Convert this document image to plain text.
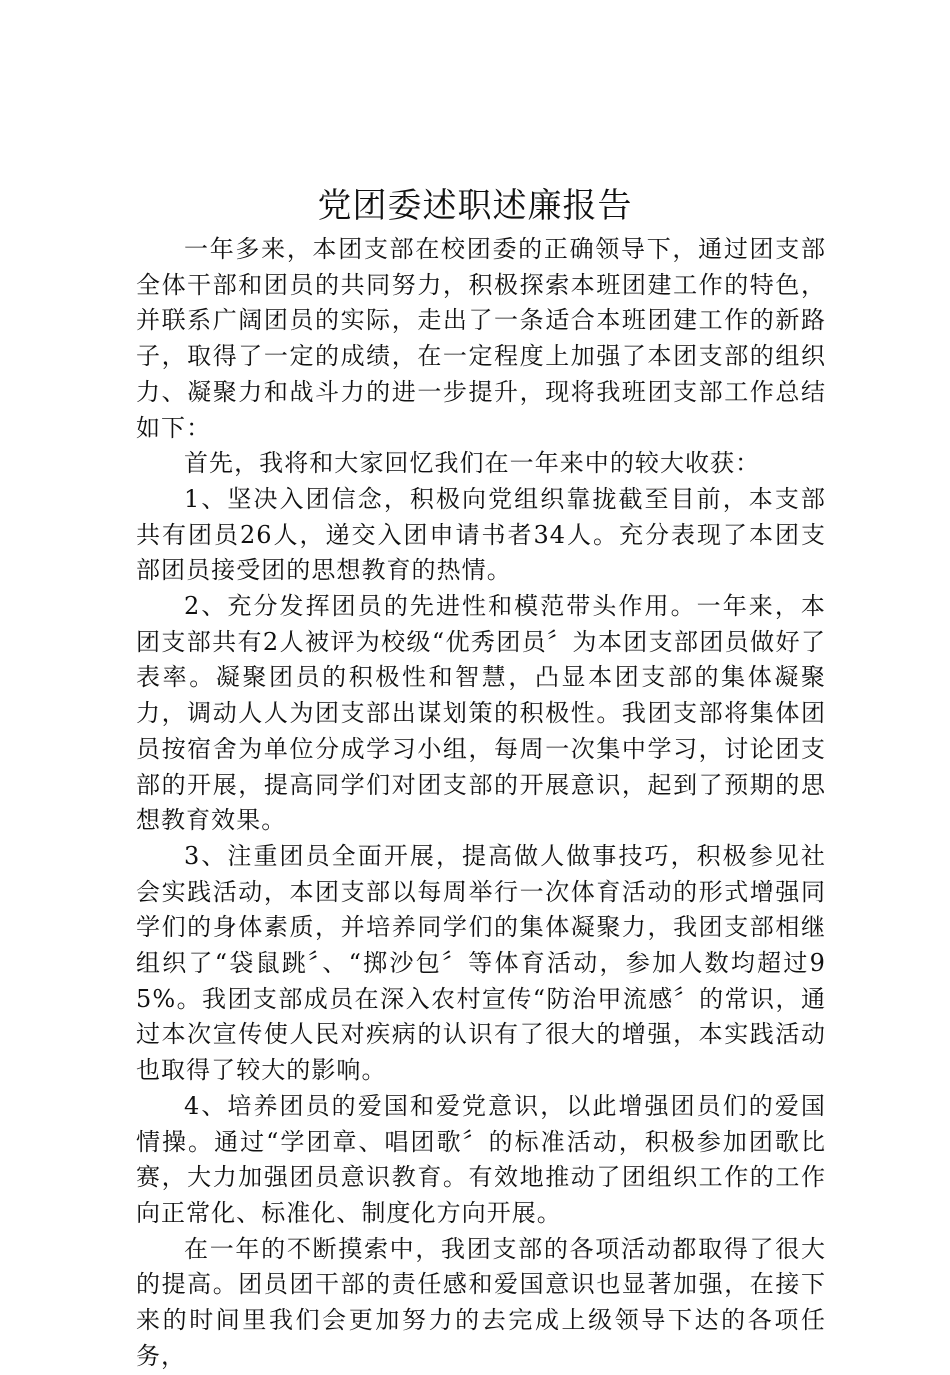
党团委述职述廉报告

一年多来，本团支部在校团委的正确领导下，通过团支部全体干部和团员的共同努力，积极探索本班团建工作的特色，并联系广阔团员的实际，走出了一条适合本班团建工作的新路子，取得了一定的成绩，在一定程度上加强了本团支部的组织力、凝聚力和战斗力的进一步提升，现将我班团支部工作总结如下：

首先，我将和大家回忆我们在一年来中的较大收获：

1、坚决入团信念，积极向党组织靠拢截至目前，本支部共有团员26人，递交入团申请书者34人。充分表现了本团支部团员接受团的思想教育的热情。

2、充分发挥团员的先进性和模范带头作用。一年来，本团支部共有2人被评为校级“优秀团员〞为本团支部团员做好了表率。凝聚团员的积极性和智慧，凸显本团支部的集体凝聚力，调动人人为团支部出谋划策的积极性。我团支部将集体团员按宿舍为单位分成学习小组，每周一次集中学习，讨论团支部的开展，提高同学们对团支部的开展意识，起到了预期的思想教育效果。

3、注重团员全面开展，提高做人做事技巧，积极参见社会实践活动，本团支部以每周举行一次体育活动的形式增强同学们的身体素质，并培养同学们的集体凝聚力，我团支部相继组织了“袋鼠跳〞、“掷沙包〞等体育活动，参加人数均超过95%。我团支部成员在深入农村宣传“防治甲流感〞的常识，通过本次宣传使人民对疾病的认识有了很大的增强，本实践活动也取得了较大的影响。

4、培养团员的爱国和爱党意识，以此增强团员们的爱国情操。通过“学团章、唱团歌〞的标准活动，积极参加团歌比赛，大力加强团员意识教育。有效地推动了团组织工作的工作向正常化、标准化、制度化方向开展。

在一年的不断摸索中，我团支部的各项活动都取得了很大的提高。团员团干部的责任感和爱国意识也显著加强，在接下来的时间里我们会更加努力的去完成上级领导下达的各项任务，
